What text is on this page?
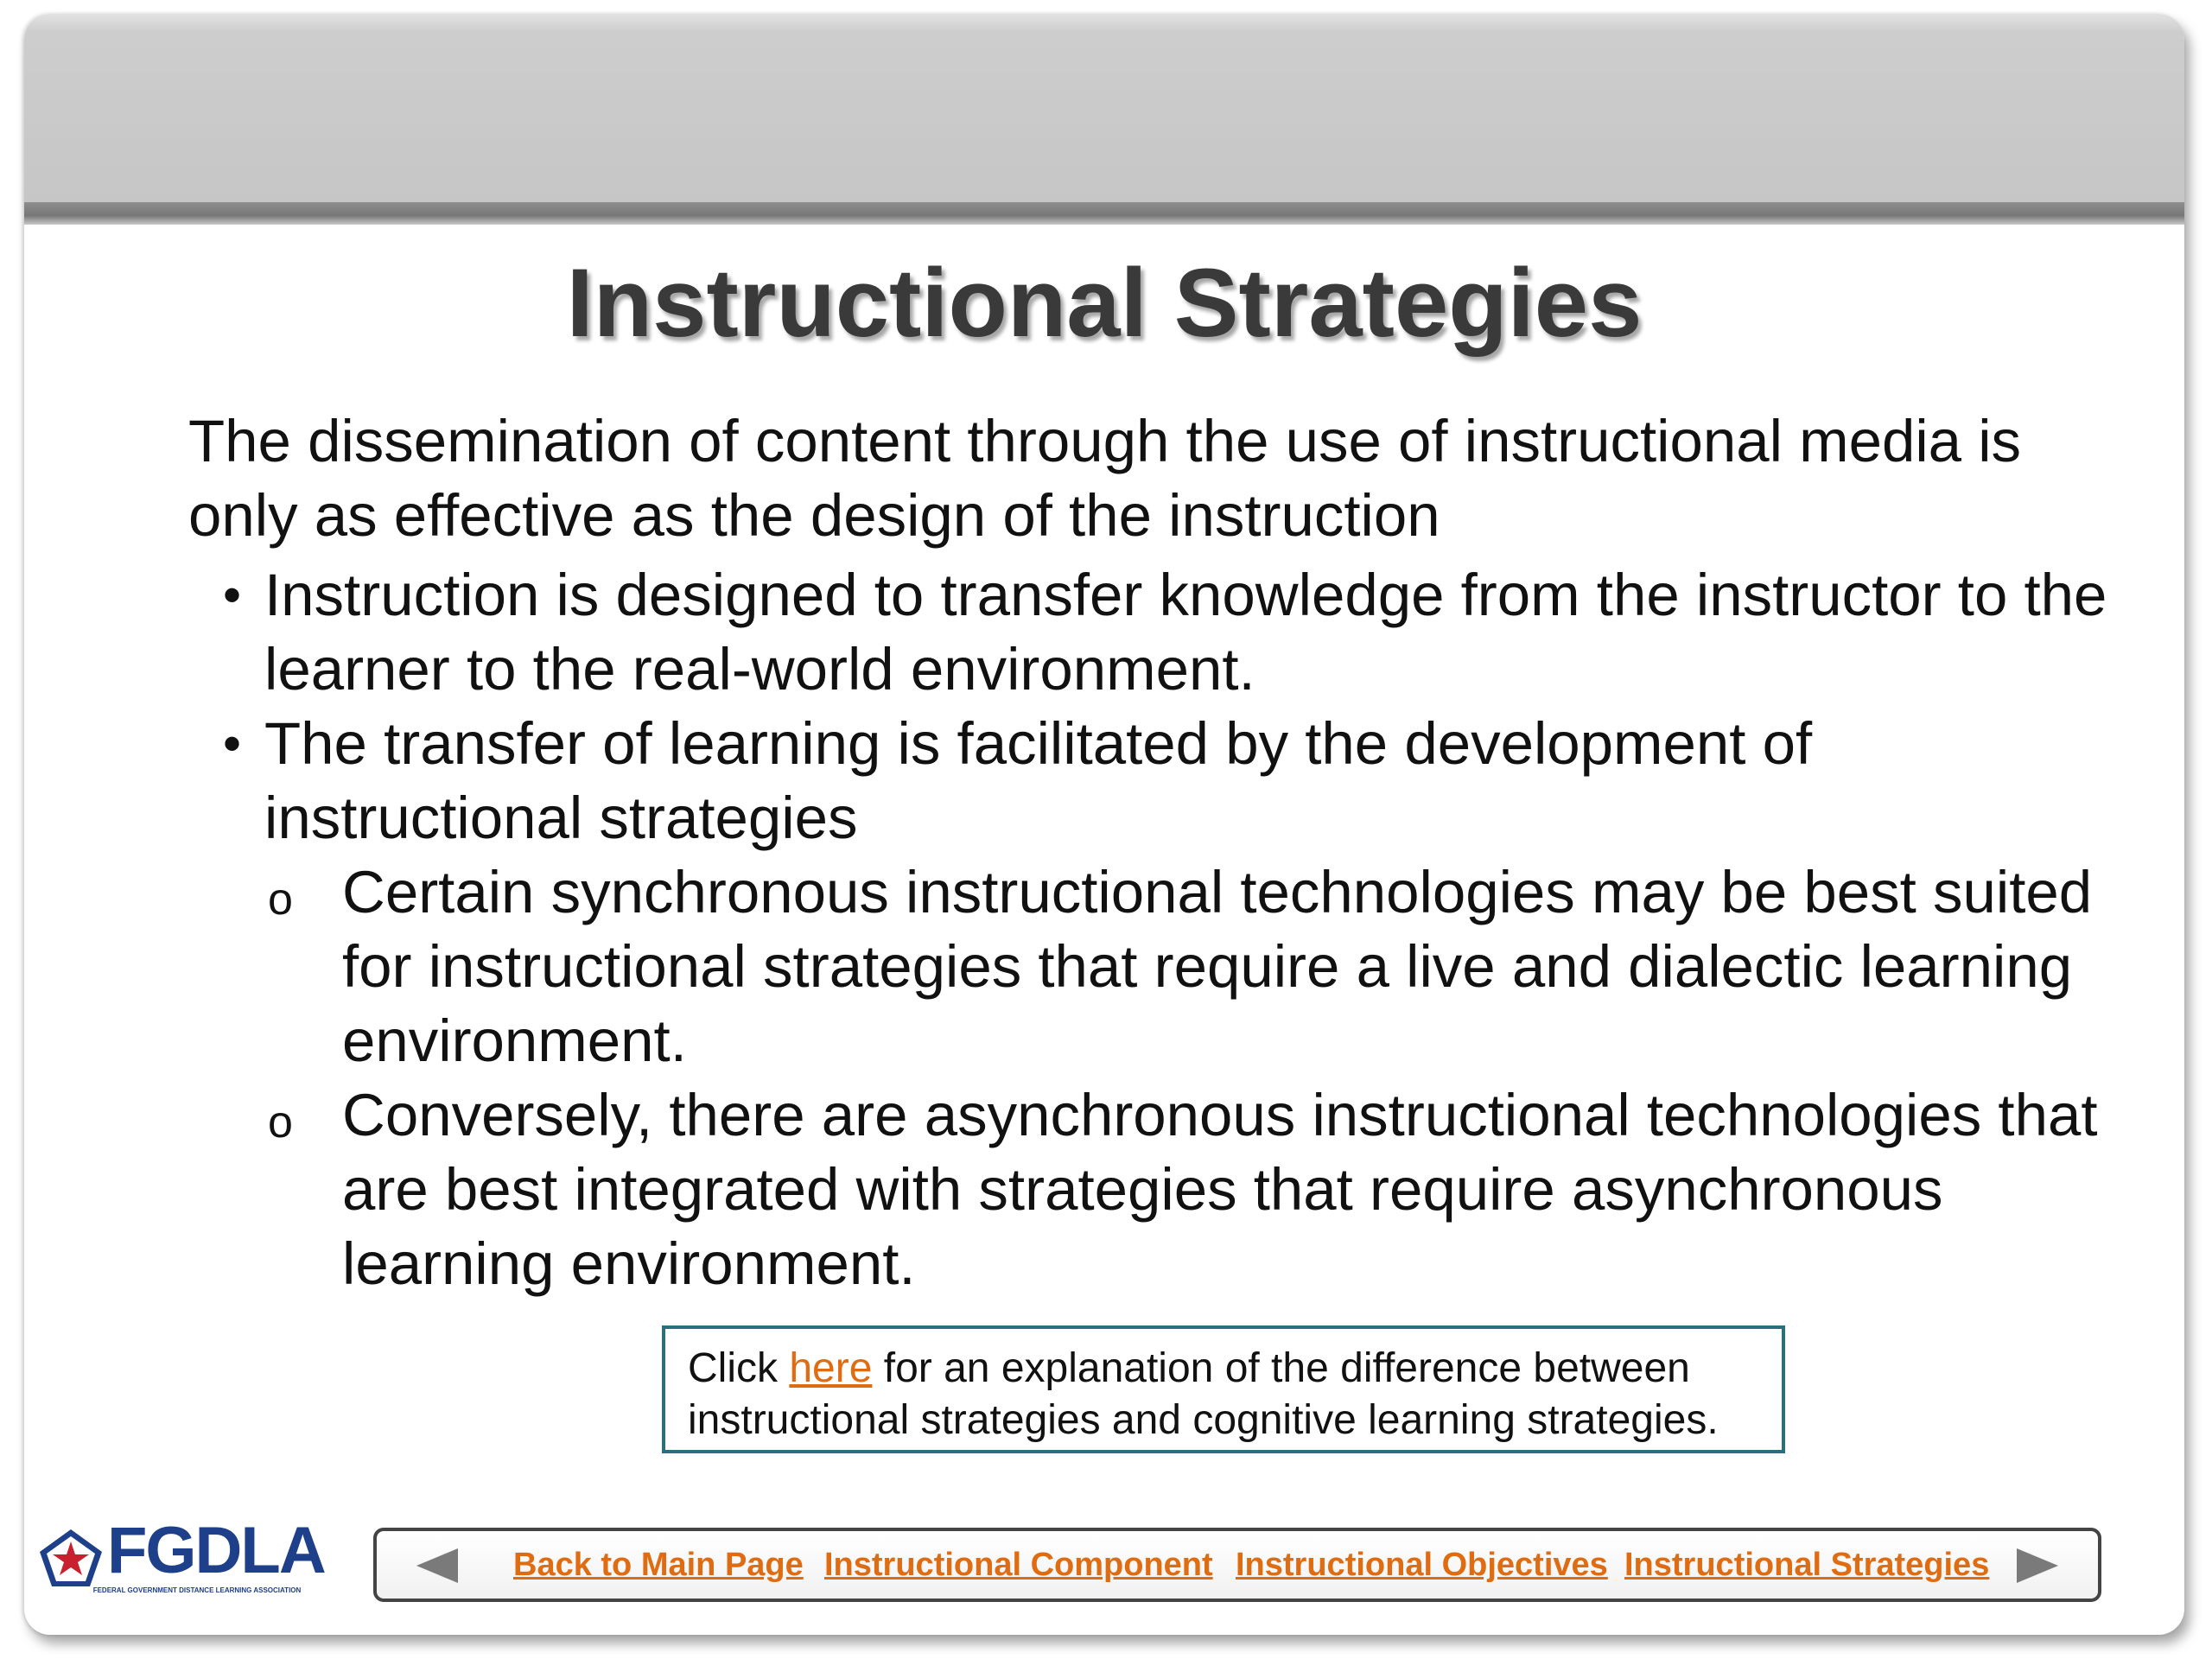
Instructional Strategies
The dissemination of content through the use of instructional media is only as effective as the design of the instruction
• Instruction is designed to transfer knowledge from the instructor to the learner to the real-world environment.
• The transfer of learning is facilitated by the development of instructional strategies
o Certain synchronous instructional technologies may be best suited for instructional strategies that require a live and dialectic learning environment.
o Conversely, there are asynchronous instructional technologies that are best integrated with strategies that require asynchronous learning environment.
Click here for an explanation of the difference between instructional strategies and cognitive learning strategies.
FGDLA
FEDERAL GOVERNMENT DISTANCE LEARNING ASSOCIATION
Back to Main Page Instructional Component Instructional Objectives Instructional Strategies
